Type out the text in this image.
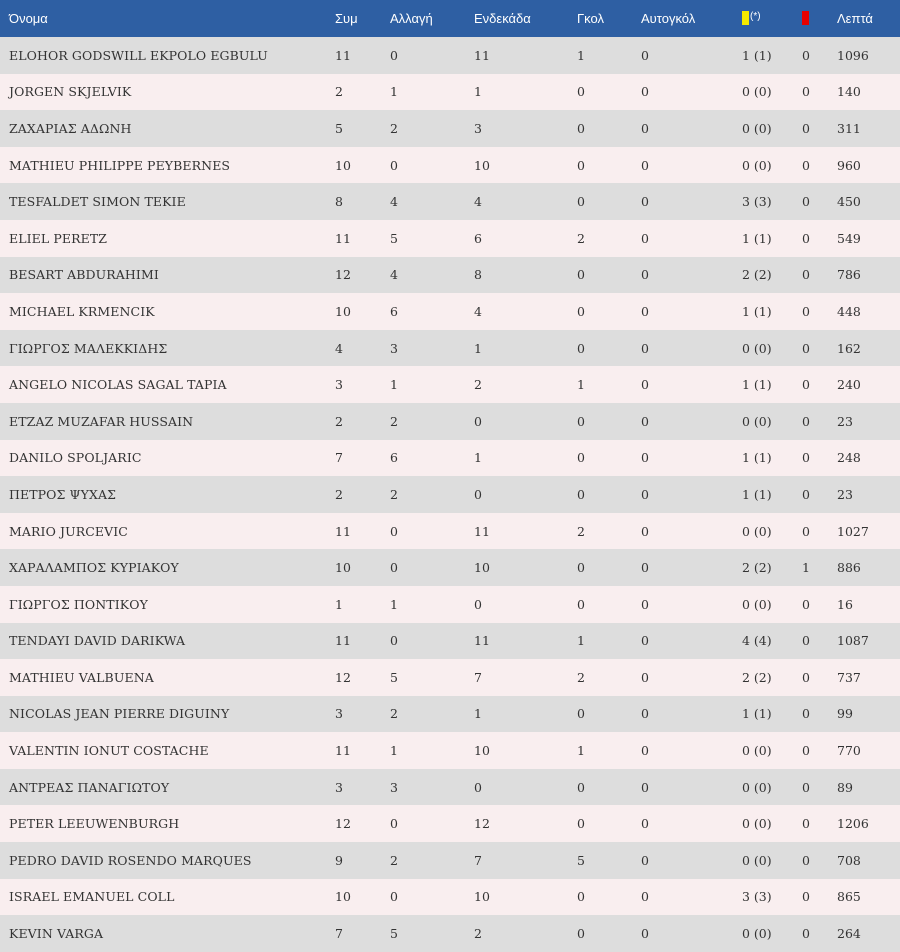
Όνομα	Συμ	Αλλαγή	Ενδεκάδα	Γκολ	Αυτογκόλ	(*)		Λεπτά
ELOHOR GODSWILL EKPOLO EGBULU	11	0	11	1	0	1 (1)	0	1096
JORGEN SKJELVIK	2	1	1	0	0	0 (0)	0	140
ΖΑΧΑΡΙΑΣ ΑΔΩΝΗ	5	2	3	0	0	0 (0)	0	311
MATHIEU PHILIPPE PEYBERNES	10	0	10	0	0	0 (0)	0	960
TESFALDET SIMON TEKIE	8	4	4	0	0	3 (3)	0	450
ELIEL PERETZ	11	5	6	2	0	1 (1)	0	549
BESART ABDURAHIMI	12	4	8	0	0	2 (2)	0	786
MICHAEL KRMENCIK	10	6	4	0	0	1 (1)	0	448
ΓΙΩΡΓΟΣ ΜΑΛΕΚΚΙΔΗΣ	4	3	1	0	0	0 (0)	0	162
ANGELO NICOLAS SAGAL TAPIA	3	1	2	1	0	1 (1)	0	240
ETZAZ MUZAFAR HUSSAIN	2	2	0	0	0	0 (0)	0	23
DANILO SPOLJARIC	7	6	1	0	0	1 (1)	0	248
ΠΕΤΡΟΣ ΨΥΧΑΣ	2	2	0	0	0	1 (1)	0	23
MARIO JURCEVIC	11	0	11	2	0	0 (0)	0	1027
ΧΑΡΑΛΑΜΠΟΣ ΚΥΡΙΑΚΟΥ	10	0	10	0	0	2 (2)	1	886
ΓΙΩΡΓΟΣ ΠΟΝΤΙΚΟΥ	1	1	0	0	0	0 (0)	0	16
TENDAYI DAVID DARIKWA	11	0	11	1	0	4 (4)	0	1087
MATHIEU VALBUENA	12	5	7	2	0	2 (2)	0	737
NICOLAS JEAN PIERRE DIGUINY	3	2	1	0	0	1 (1)	0	99
VALENTIN IONUT COSTACHE	11	1	10	1	0	0 (0)	0	770
ΑΝΤΡΕΑΣ ΠΑΝΑΓΙΩΤΟΥ	3	3	0	0	0	0 (0)	0	89
PETER LEEUWENBURGH	12	0	12	0	0	0 (0)	0	1206
PEDRO DAVID ROSENDO MARQUES	9	2	7	5	0	0 (0)	0	708
ISRAEL EMANUEL COLL	10	0	10	0	0	3 (3)	0	865
KEVIN VARGA	7	5	2	0	0	0 (0)	0	264
